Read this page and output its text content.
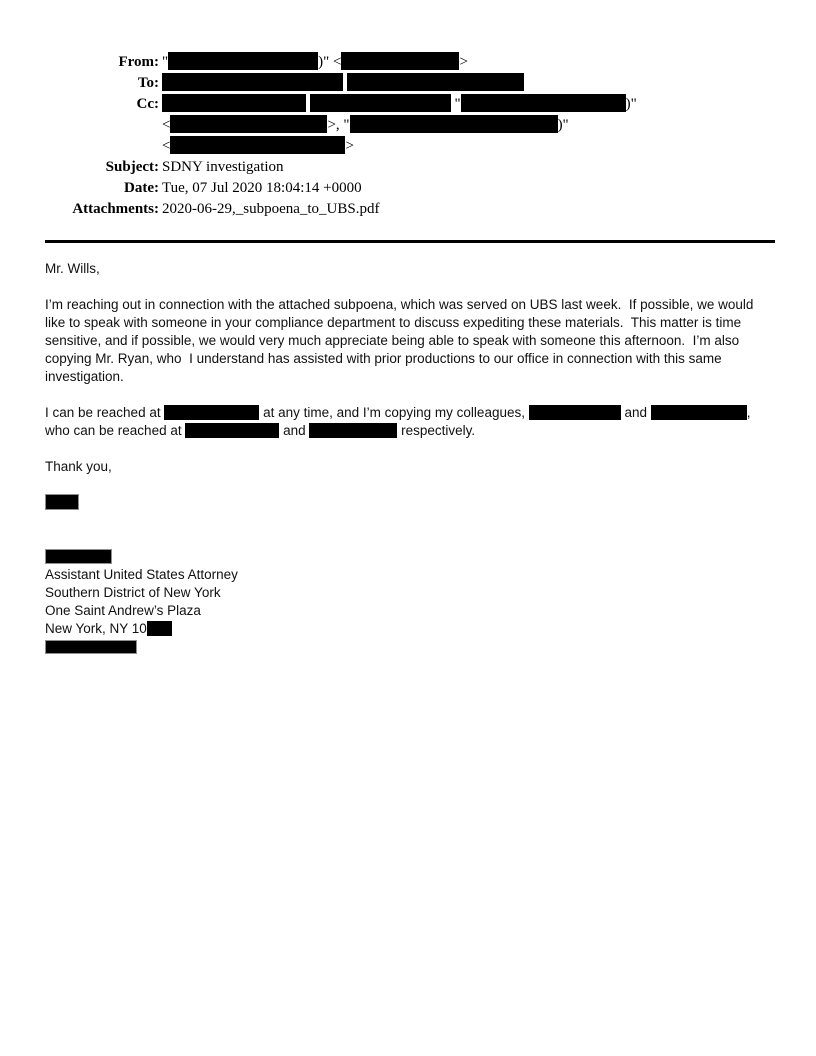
From: "	)" <	>
To:

Cc:	"	)"
<	>, "	)"
<	>
Subject: SDNY investigation
Date: Tue, 07 Jul 2020 18:04:14 +0000
Attachments: 2020-06-29,_subpoena_to_UBS.pdf
Mr. Wills,
I’m reaching out in connection with the attached subpoena, which was served on UBS last week.  If possible, we would like to speak with someone in your compliance department to discuss expediting these materials.  This matter is time sensitive, and if possible, we would very much appreciate being able to speak with someone this afternoon.  I’m also copying Mr. Ryan, who  I understand has assisted with prior productions to our office in connection with this same investigation.
I can be reached at	at any time, and I’m copying my colleagues,	and	, who can be reached at	and	respectively.
Thank you,
Assistant United States Attorney
Southern District of New York
One Saint Andrew’s Plaza
New York, NY 10
